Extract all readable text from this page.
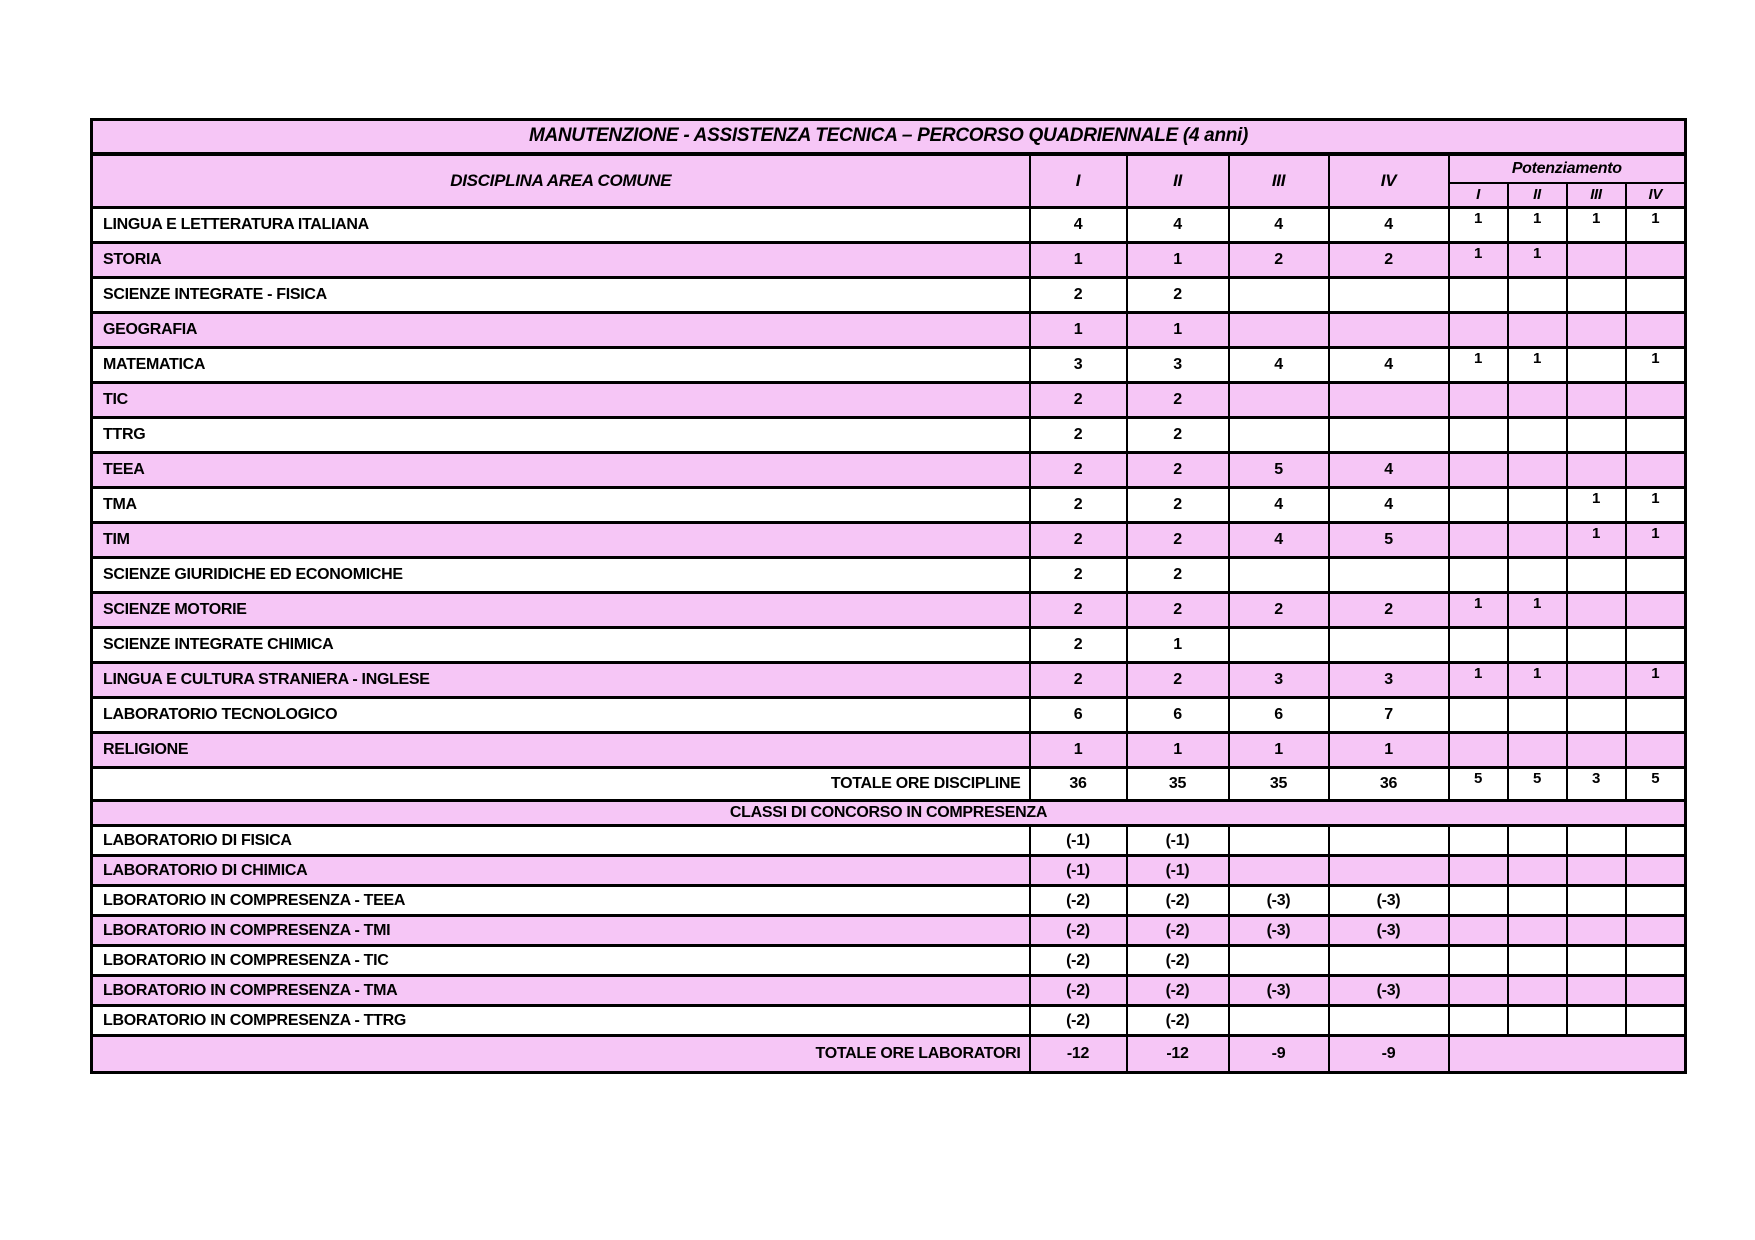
MANUTENZIONE - ASSISTENZA TECNICA – PERCORSO QUADRIENNALE (4 anni)								
DISCIPLINA AREA COMUNE	I	II	III	IV	Potenziamento			
					I	II	III	IV
LINGUA E LETTERATURA ITALIANA	4	4	4	4	1	1	1	1
STORIA	1	1	2	2	1	1		
SCIENZE INTEGRATE - FISICA	2	2						
GEOGRAFIA	1	1						
MATEMATICA	3	3	4	4	1	1		1
TIC	2	2						
TTRG	2	2						
TEEA	2	2	5	4				
TMA	2	2	4	4			1	1
TIM	2	2	4	5			1	1
SCIENZE GIURIDICHE ED ECONOMICHE	2	2						
SCIENZE MOTORIE	2	2	2	2	1	1		
SCIENZE INTEGRATE CHIMICA	2	1						
LINGUA E CULTURA STRANIERA - INGLESE	2	2	3	3	1	1		1
LABORATORIO TECNOLOGICO	6	6	6	7				
RELIGIONE	1	1	1	1				
TOTALE ORE DISCIPLINE	36	35	35	36	5	5	3	5
CLASSI DI CONCORSO IN COMPRESENZA								
LABORATORIO DI FISICA	(-1)	(-1)						
LABORATORIO DI CHIMICA	(-1)	(-1)						
LBORATORIO IN COMPRESENZA - TEEA	(-2)	(-2)	(-3)	(-3)				
LBORATORIO IN COMPRESENZA - TMI	(-2)	(-2)	(-3)	(-3)				
LBORATORIO IN COMPRESENZA - TIC	(-2)	(-2)						
LBORATORIO IN COMPRESENZA - TMA	(-2)	(-2)	(-3)	(-3)				
LBORATORIO IN COMPRESENZA - TTRG	(-2)	(-2)						
TOTALE ORE LABORATORI	-12	-12	-9	-9				
